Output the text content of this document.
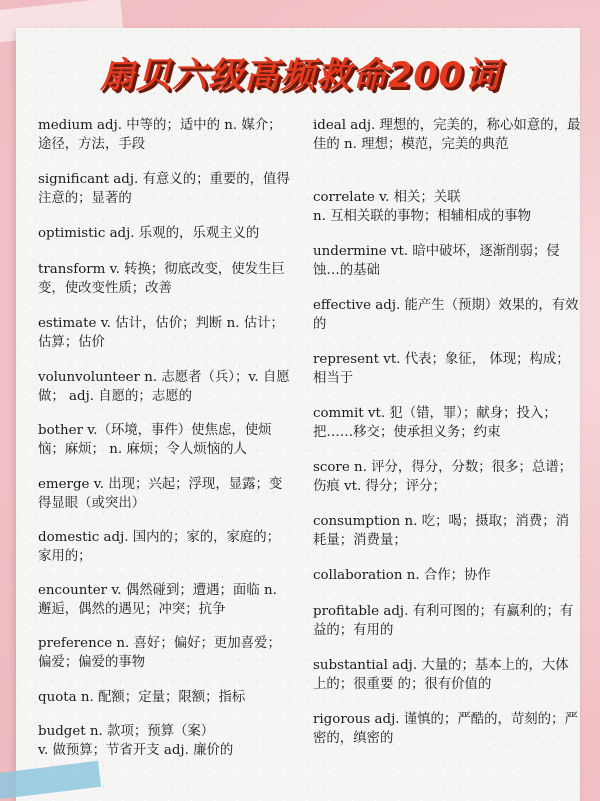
扇贝六级高频救命200词
medium adj. 中等的；适中的 n. 媒介；途径，方法，手段
significant adj. 有意义的；重要的，值得注意的；显著的
optimistic adj. 乐观的，乐观主义的
transform v. 转换；彻底改变，使发生巨变，使改变性质；改善
estimate v. 估计，估价；判断 n. 估计；估算；估价
volunvolunteer n. 志愿者（兵）；v. 自愿做； adj. 自愿的；志愿的
bother v.（环境，事件）使焦虑，使烦恼；麻烦； n. 麻烦；令人烦恼的人
emerge v. 出现；兴起；浮现，显露；变得显眼（或突出）
domestic adj. 国内的；家的，家庭的；家用的；
encounter v. 偶然碰到；遭遇；面临 n. 邂逅，偶然的遇见；冲突；抗争
preference n. 喜好；偏好；更加喜爱；偏爱；偏爱的事物
quota n. 配额；定量；限额；指标
budget n. 款项；预算（案）
v. 做预算；节省开支 adj. 廉价的
ideal adj. 理想的，完美的，称心如意的，最佳的 n. 理想；模范，完美的典范
correlate v. 相关；关联
n. 互相关联的事物；相辅相成的事物
undermine vt. 暗中破坏，逐渐削弱；侵蚀…的基础
effective adj. 能产生（预期）效果的，有效的
represent vt. 代表；象征， 体现；构成；相当于
commit vt. 犯（错，罪）；献身；投入；把……移交；使承担义务；约束
score n. 评分，得分，分数；很多；总谱；伤痕 vt. 得分；评分；
consumption n. 吃；喝；摄取；消费；消耗量；消费量；
collaboration n. 合作；协作
profitable adj. 有利可图的；有赢利的；有益的；有用的
substantial adj. 大量的；基本上的，大体上的；很重要 的；很有价值的
rigorous adj. 谨慎的；严酷的，苛刻的；严密的，缜密的
